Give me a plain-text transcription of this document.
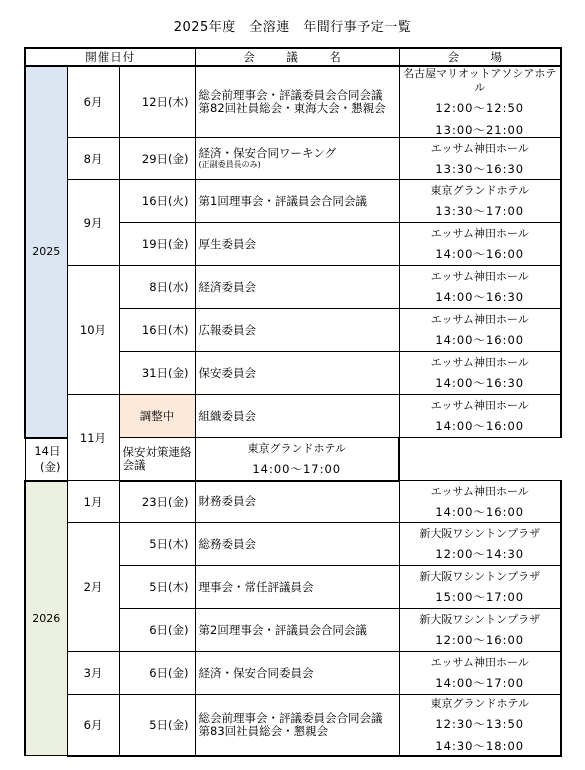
2025年度　全溶連　年間行事予定一覧
開催日付			会　議　名	会　場
2025	6月	12日(木)	総会前理事会・評議委員会合同会議
第82回社員総会・東海大会・懇親会	名古屋マリオットアソシアホテル
12:00～12:50
13:00～21:00

	8月	29日(金)	経済・保安合同ワーキング
(正副委員長のみ)	エッサム神田ホール
13:30～16:30

	9月	16日(火)	第1回理事会・評議員会合同会議	東京グランドホテル
13:30～17:00

		19日(金)	厚生委員会	エッサム神田ホール
14:00～16:00

	10月	8日(水)	経済委員会	エッサム神田ホール
14:00～16:30

		16日(木)	広報委員会	エッサム神田ホール
14:00～16:00

		31日(金)	保安委員会	エッサム神田ホール
14:00～16:30

	11月	調整中	組織委員会	エッサム神田ホール
14:00～16:00

14日(金)		保安対策連絡会議	東京グランドホテル
14:00～17:00	

2026	1月	23日(金)	財務委員会	エッサム神田ホール
14:00～16:00

	2月	5日(木)	総務委員会	新大阪ワシントンプラザ
12:00～14:30

		5日(木)	理事会・常任評議員会	新大阪ワシントンプラザ
15:00～17:00

		6日(金)	第2回理事会・評議員会合同会議	新大阪ワシントンプラザ
12:00～16:00

	3月	6日(金)	経済・保安合同委員会	エッサム神田ホール
14:00～17:00

	6月	5日(金)	総会前理事会・評議委員会合同会議
第83回社員総会・懇親会	東京グランドホテル
12:30～13:50
14:30～18:00
